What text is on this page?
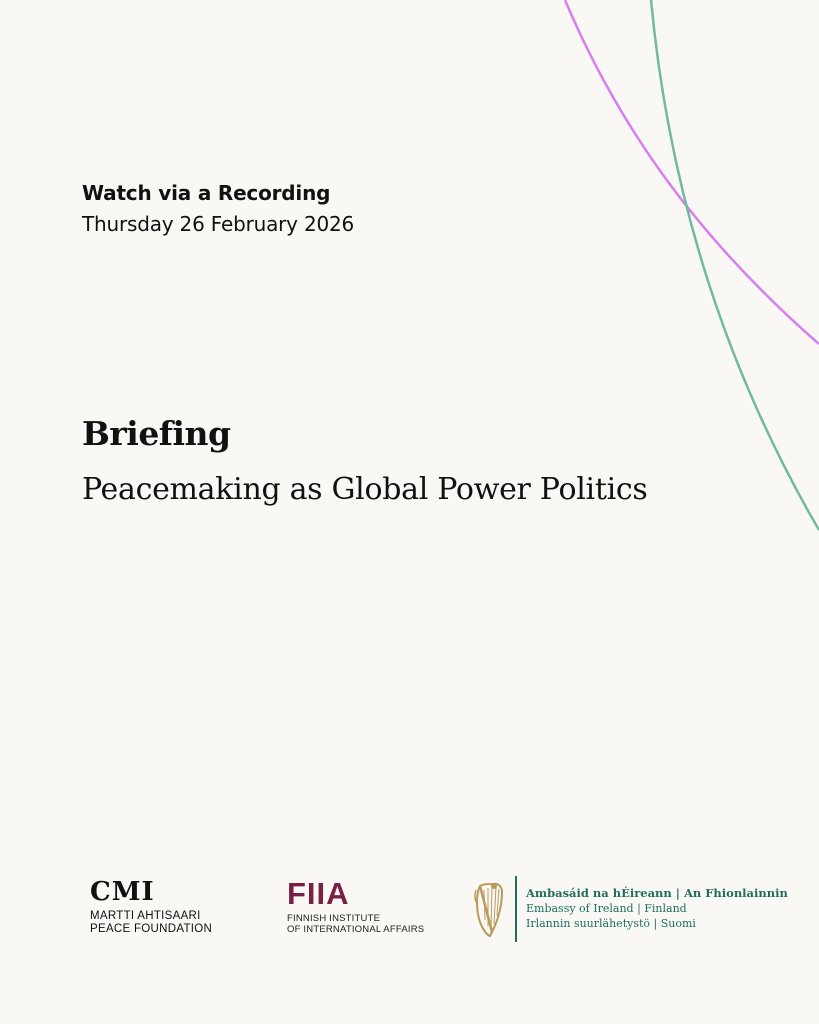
Watch via a Recording
Thursday 26 February 2026
Briefing
Peacemaking as Global Power Politics
CMI
MARTTI AHTISAARI
PEACE FOUNDATION
FIIA
FINNISH INSTITUTE
OF INTERNATIONAL AFFAIRS
Ambasáid na hÉireann | An Fhionlainnin
Embassy of Ireland | Finland
Irlannin suurlähetystö | Suomi
